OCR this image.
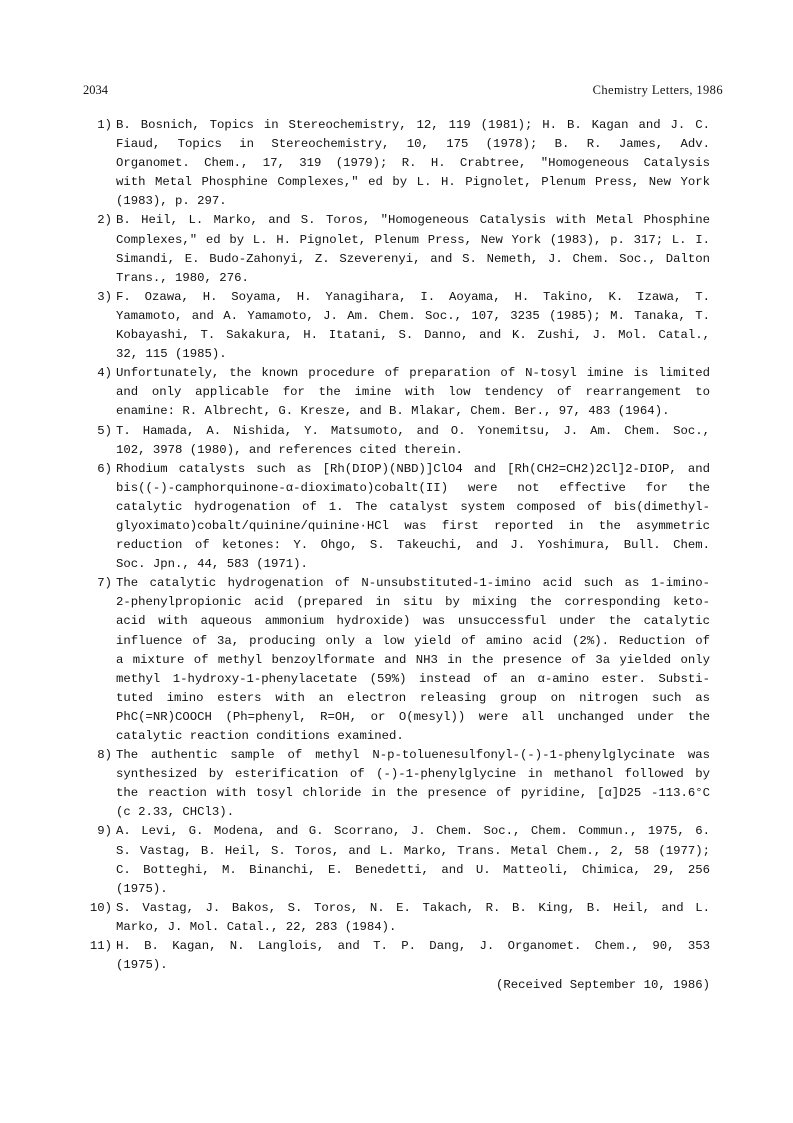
2034	Chemistry Letters, 1986
1) B. Bosnich, Topics in Stereochemistry, 12, 119 (1981); H. B. Kagan and J. C.
Fiaud, Topics in Stereochemistry, 10, 175 (1978); B. R. James, Adv.
Organomet. Chem., 17, 319 (1979); R. H. Crabtree, "Homogeneous Catalysis
with Metal Phosphine Complexes," ed by L. H. Pignolet, Plenum Press, New York
(1983), p. 297.
2) B. Heil, L. Marko, and S. Toros, "Homogeneous Catalysis with Metal Phosphine
Complexes," ed by L. H. Pignolet, Plenum Press, New York (1983), p. 317; L. I.
Simandi, E. Budo-Zahonyi, Z. Szeverenyi, and S. Nemeth, J. Chem. Soc., Dalton
Trans., 1980, 276.
3) F. Ozawa, H. Soyama, H. Yanagihara, I. Aoyama, H. Takino, K. Izawa, T.
Yamamoto, and A. Yamamoto, J. Am. Chem. Soc., 107, 3235 (1985); M. Tanaka, T.
Kobayashi, T. Sakakura, H. Itatani, S. Danno, and K. Zushi, J. Mol. Catal.,
32, 115 (1985).
4) Unfortunately, the known procedure of preparation of N-tosyl imine is limited
and only applicable for the imine with low tendency of rearrangement to
enamine: R. Albrecht, G. Kresze, and B. Mlakar, Chem. Ber., 97, 483 (1964).
5) T. Hamada, A. Nishida, Y. Matsumoto, and O. Yonemitsu, J. Am. Chem. Soc.,
102, 3978 (1980), and references cited therein.
6) Rhodium catalysts such as [Rh(DIOP)(NBD)]ClO4 and [Rh(CH2=CH2)2Cl]2-DIOP, and
bis((-)-camphorquinone-α-dioximato)cobalt(II) were not effective for the
catalytic hydrogenation of 1. The catalyst system composed of bis(dimethyl-
glyoximato)cobalt/quinine/quinine·HCl was first reported in the asymmetric
reduction of ketones: Y. Ohgo, S. Takeuchi, and J. Yoshimura, Bull. Chem.
Soc. Jpn., 44, 583 (1971).
7) The catalytic hydrogenation of N-unsubstituted-1-imino acid such as 1-imino-
2-phenylpropionic acid (prepared in situ by mixing the corresponding keto-
acid with aqueous ammonium hydroxide) was unsuccessful under the catalytic
influence of 3a, producing only a low yield of amino acid (2%). Reduction of
a mixture of methyl benzoylformate and NH3 in the presence of 3a yielded only
methyl 1-hydroxy-1-phenylacetate (59%) instead of an α-amino ester. Substi-
tuted imino esters with an electron releasing group on nitrogen such as
PhC(=NR)COOCH (Ph=phenyl, R=OH, or O(mesyl)) were all unchanged under the
catalytic reaction conditions examined.
8) The authentic sample of methyl N-p-toluenesulfonyl-(-)-1-phenylglycinate was
synthesized by esterification of (-)-1-phenylglycine in methanol followed by
the reaction with tosyl chloride in the presence of pyridine, [α]D25 -113.6°C
(c 2.33, CHCl3).
9) A. Levi, G. Modena, and G. Scorrano, J. Chem. Soc., Chem. Commun., 1975, 6.
S. Vastag, B. Heil, S. Toros, and L. Marko, Trans. Metal Chem., 2, 58 (1977);
C. Botteghi, M. Binanchi, E. Benedetti, and U. Matteoli, Chimica, 29, 256
(1975).
10) S. Vastag, J. Bakos, S. Toros, N. E. Takach, R. B. King, B. Heil, and L.
Marko, J. Mol. Catal., 22, 283 (1984).
11) H. B. Kagan, N. Langlois, and T. P. Dang, J. Organomet. Chem., 90, 353
(1975).
(Received September 10, 1986)
